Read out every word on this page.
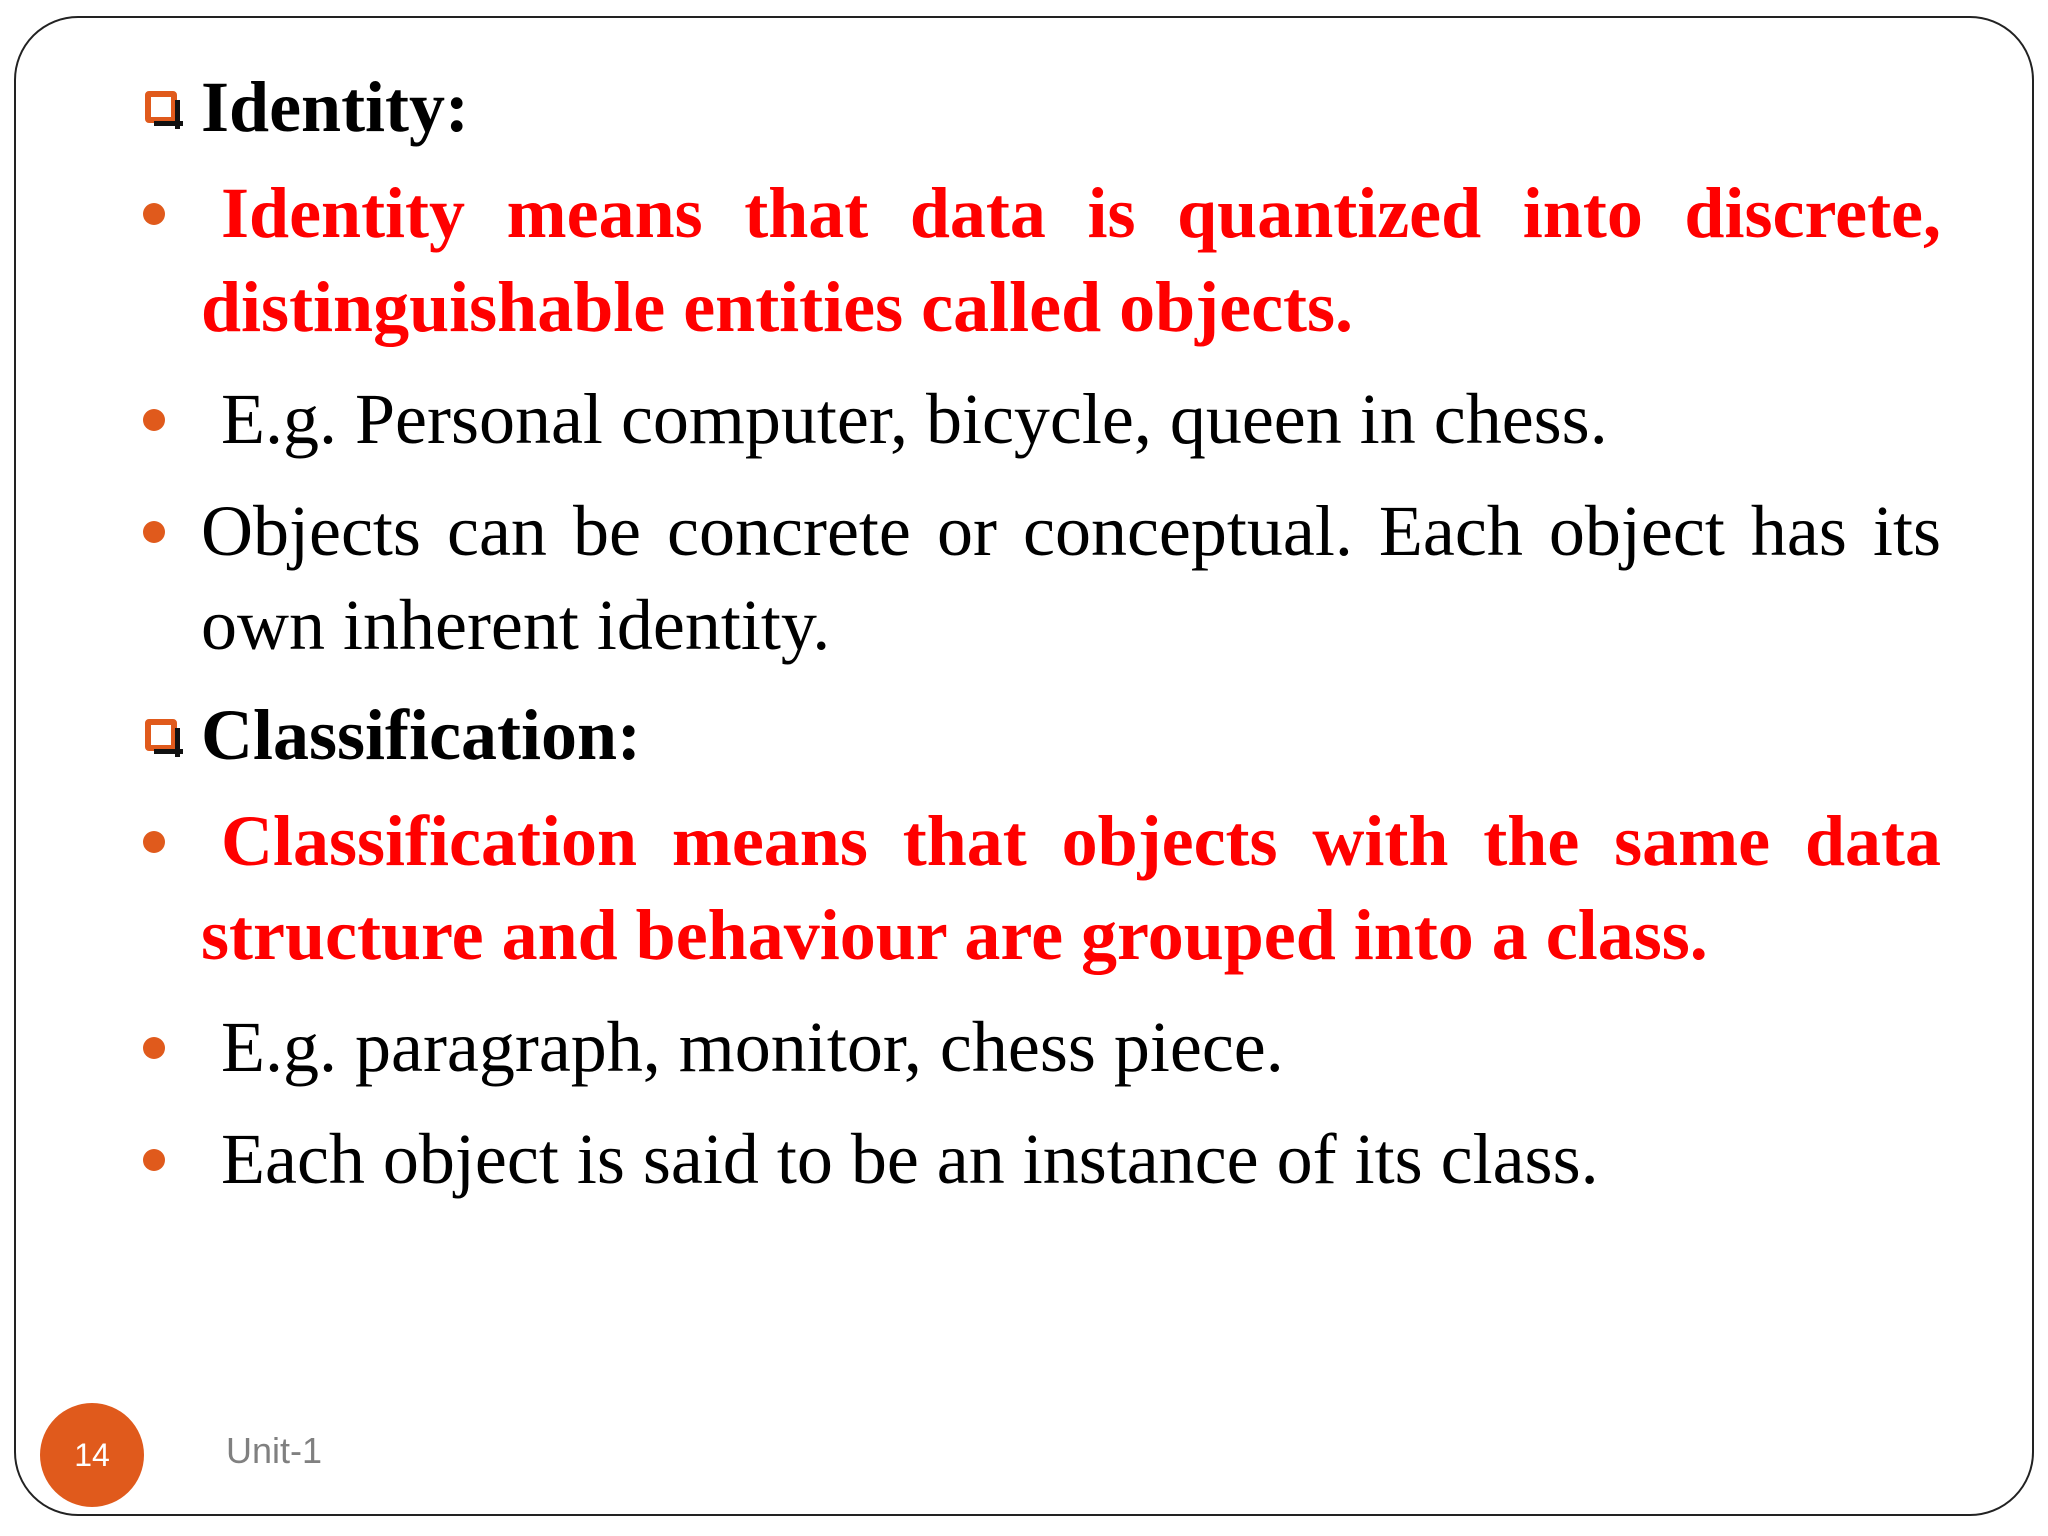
Identity:
Identity means that data is quantized into discrete, distinguishable entities called objects.
E.g. Personal computer, bicycle, queen in chess.
Objects can be concrete or conceptual. Each object has its own inherent identity.
Classification:
Classification means that objects with the same data structure and behaviour are grouped into a class.
E.g. paragraph, monitor, chess piece.
Each object is said to be an instance of its class.
14	Unit-1
